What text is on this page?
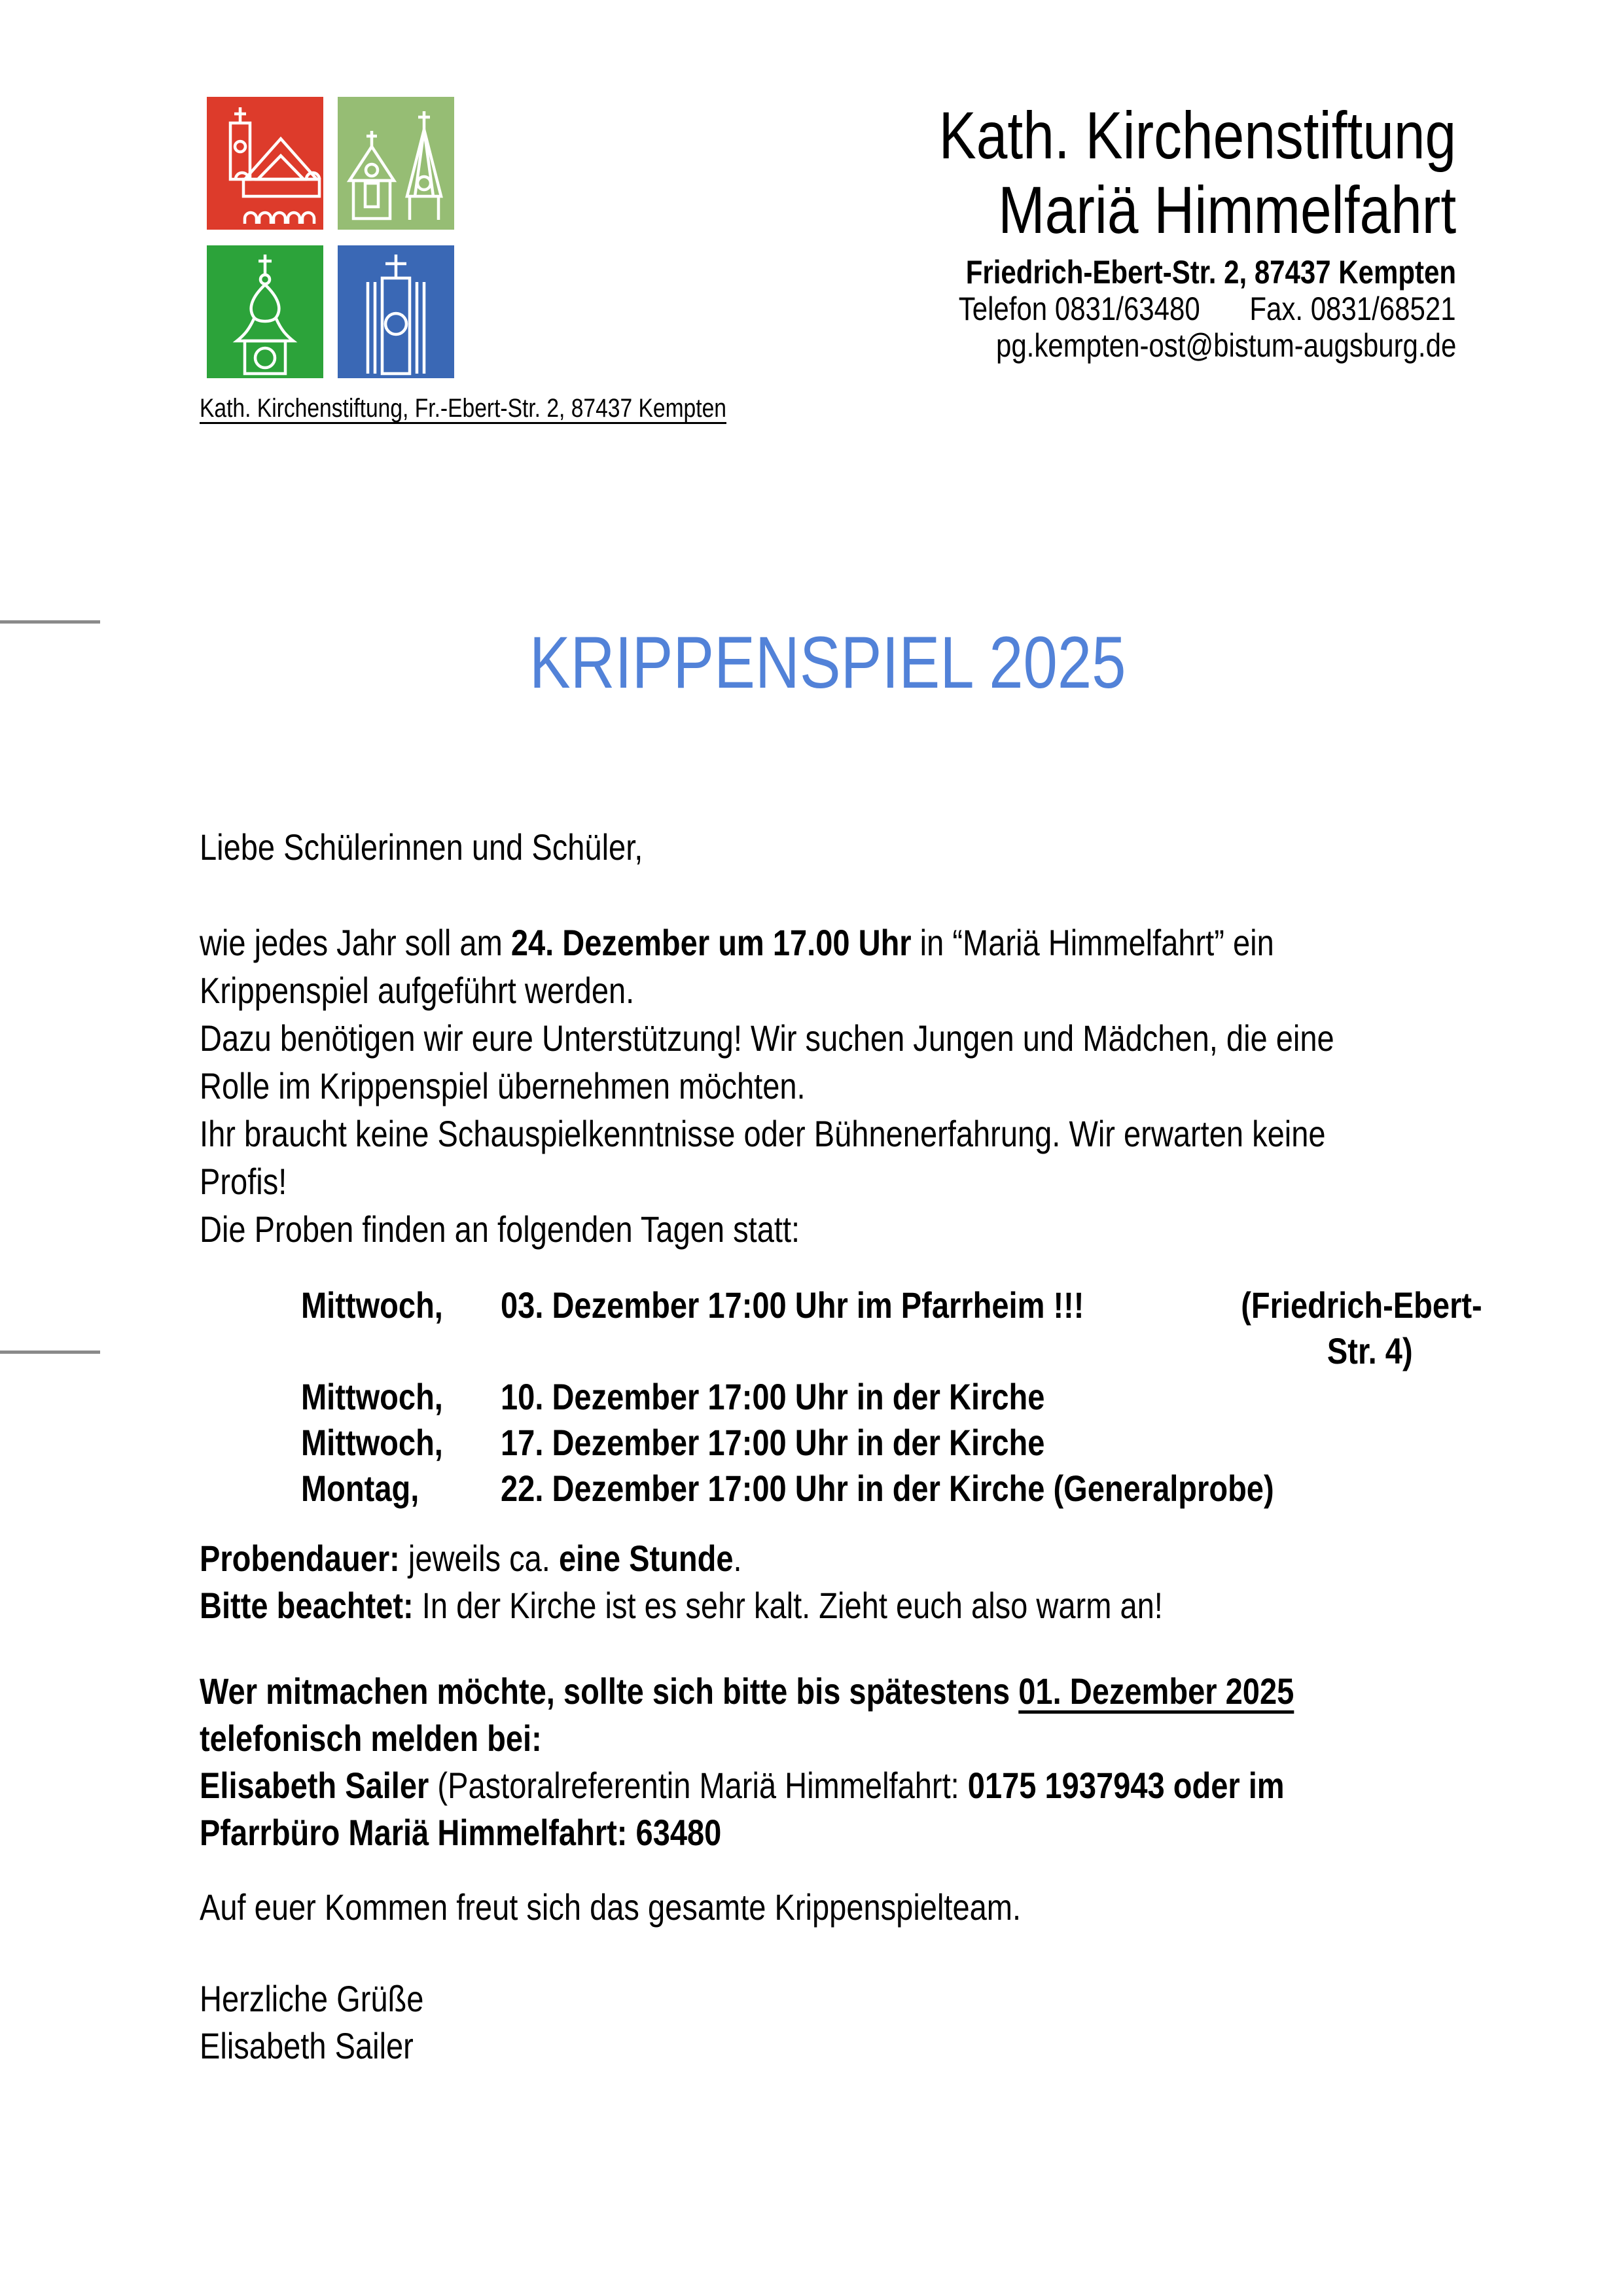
Kath. Kirchenstiftung
Mariä Himmelfahrt
Friedrich-Ebert-Str. 2, 87437 Kempten
Telefon 0831/63480 Fax. 0831/68521
pg.kempten-ost@bistum-augsburg.de
Kath. Kirchenstiftung, Fr.-Ebert-Str. 2, 87437 Kempten
KRIPPENSPIEL 2025
Liebe Schülerinnen und Schüler,
wie jedes Jahr soll am 24. Dezember um 17.00 Uhr in “Mariä Himmelfahrt” ein
Krippenspiel aufgeführt werden.
Dazu benötigen wir eure Unterstützung! Wir suchen Jungen und Mädchen, die eine
Rolle im Krippenspiel übernehmen möchten.
Ihr braucht keine Schauspielkenntnisse oder Bühnenerfahrung. Wir erwarten keine
Profis!
Die Proben finden an folgenden Tagen statt:
Mittwoch,	03. Dezember 17:00 Uhr im Pfarrheim !!!	(Friedrich-Ebert-
Str. 4)
Mittwoch,	10. Dezember 17:00 Uhr in der Kirche
Mittwoch,	17. Dezember 17:00 Uhr in der Kirche
Montag,	22. Dezember 17:00 Uhr in der Kirche (Generalprobe)
Probendauer: jeweils ca. eine Stunde.
Bitte beachtet: In der Kirche ist es sehr kalt. Zieht euch also warm an!
Wer mitmachen möchte, sollte sich bitte bis spätestens 01. Dezember 2025
telefonisch melden bei:
Elisabeth Sailer (Pastoralreferentin Mariä Himmelfahrt: 0175 1937943 oder im
Pfarrbüro Mariä Himmelfahrt: 63480
Auf euer Kommen freut sich das gesamte Krippenspielteam.
Herzliche Grüße
Elisabeth Sailer
